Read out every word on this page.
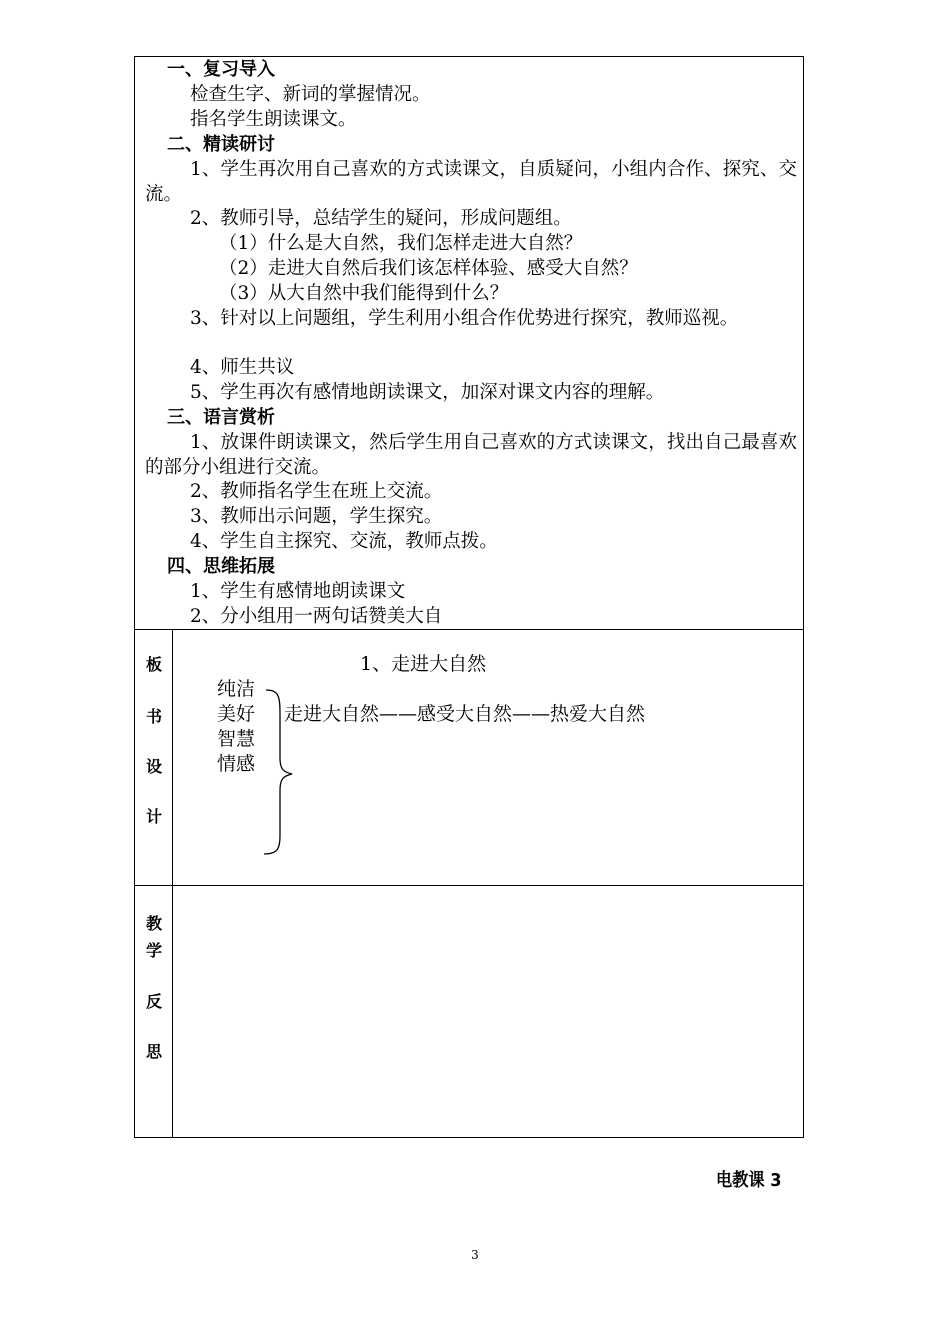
一、复习导入
检查生字、新词的掌握情况。
指名学生朗读课文。
二、精读研讨
1、学生再次用自己喜欢的方式读课文，自质疑问，小组内合作、探究、交流。
2、教师引导，总结学生的疑问，形成问题组。
（1）什么是大自然，我们怎样走进大自然？
（2）走进大自然后我们该怎样体验、感受大自然？
（3）从大自然中我们能得到什么？
3、针对以上问题组，学生利用小组合作优势进行探究，教师巡视。
4、师生共议
5、学生再次有感情地朗读课文，加深对课文内容的理解。
三、语言赏析
1、放课件朗读课文，然后学生用自己喜欢的方式读课文，找出自己最喜欢的部分小组进行交流。
2、教师指名学生在班上交流。
3、教师出示问题，学生探究。
4、学生自主探究、交流，教师点拨。
四、思维拓展
1、学生有感情地朗读课文
2、分小组用一两句话赞美大自
板
书
设
计
1、走进大自然
纯洁
美好
智慧
情感
走进大自然——感受大自然——热爱大自然
教
学
反
思
电教课 3
3
